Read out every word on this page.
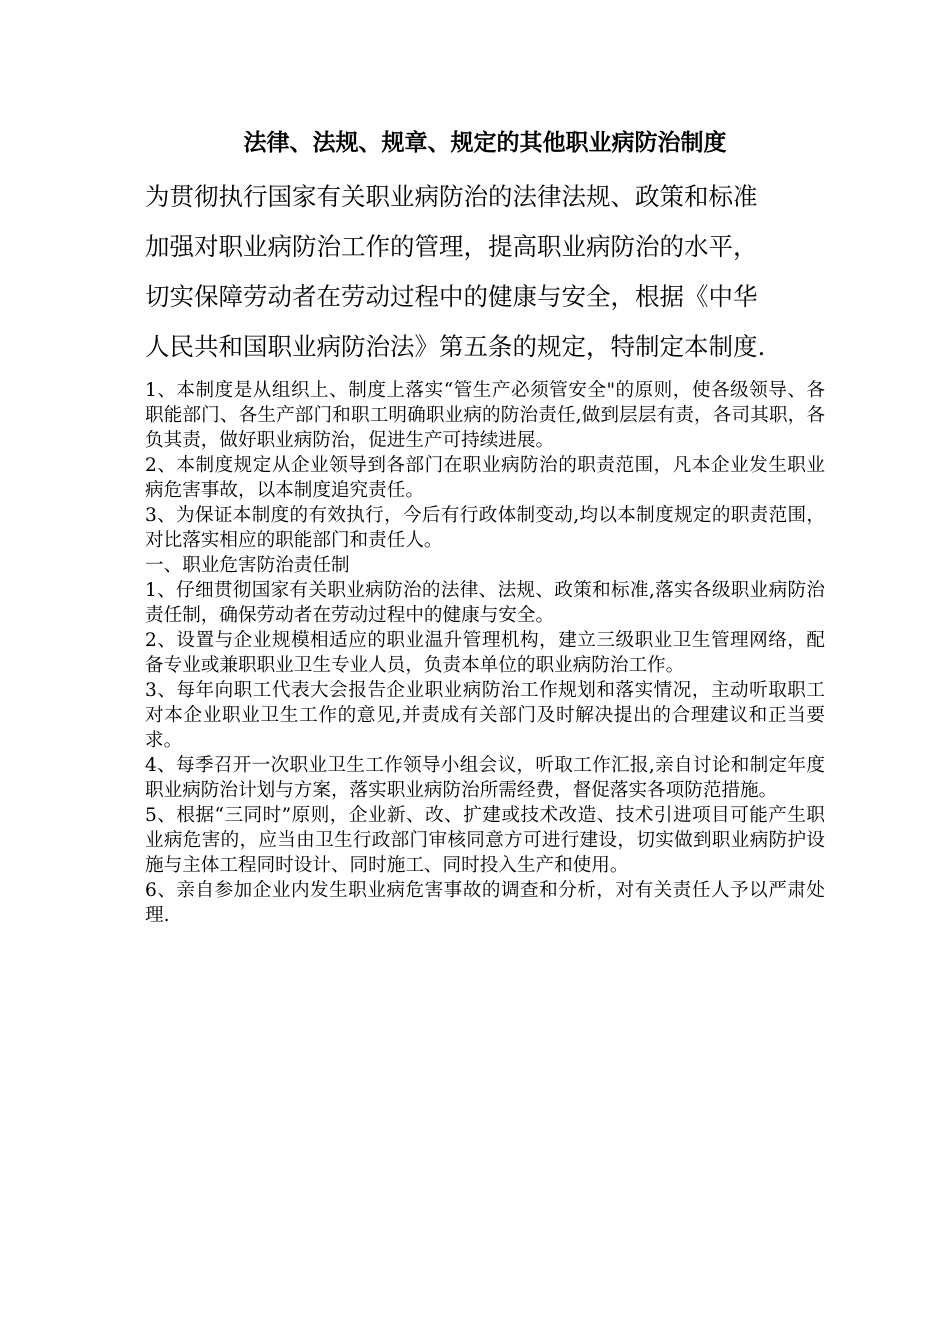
法律、法规、规章、规定的其他职业病防治制度
为贯彻执行国家有关职业病防治的法律法规、政策和标准
加强对职业病防治工作的管理，提高职业病防治的水平，
切实保障劳动者在劳动过程中的健康与安全，根据《中华
人民共和国职业病防治法》第五条的规定，特制定本制度.

1、本制度是从组织上、制度上落实“管生产必须管安全"的原则，使各级领导、各职能部门、各生产部门和职工明确职业病的防治责任,做到层层有责，各司其职，各负其责，做好职业病防治，促进生产可持续进展。

2、本制度规定从企业领导到各部门在职业病防治的职责范围，凡本企业发生职业病危害事故，以本制度追究责任。

3、为保证本制度的有效执行，今后有行政体制变动,均以本制度规定的职责范围，对比落实相应的职能部门和责任人。

一、职业危害防治责任制

1、仔细贯彻国家有关职业病防治的法律、法规、政策和标准,落实各级职业病防治责任制，确保劳动者在劳动过程中的健康与安全。

2、设置与企业规模相适应的职业温升管理机构，建立三级职业卫生管理网络，配备专业或兼职职业卫生专业人员，负责本单位的职业病防治工作。

3、每年向职工代表大会报告企业职业病防治工作规划和落实情况，主动听取职工对本企业职业卫生工作的意见,并责成有关部门及时解决提出的合理建议和正当要求。

4、每季召开一次职业卫生工作领导小组会议，听取工作汇报,亲自讨论和制定年度职业病防治计划与方案，落实职业病防治所需经费，督促落实各项防范措施。

5、根据“三同时”原则，企业新、改、扩建或技术改造、技术引进项目可能产生职业病危害的，应当由卫生行政部门审核同意方可进行建设，切实做到职业病防护设施与主体工程同时设计、同时施工、同时投入生产和使用。

6、亲自参加企业内发生职业病危害事故的调查和分析，对有关责任人予以严肃处理.
